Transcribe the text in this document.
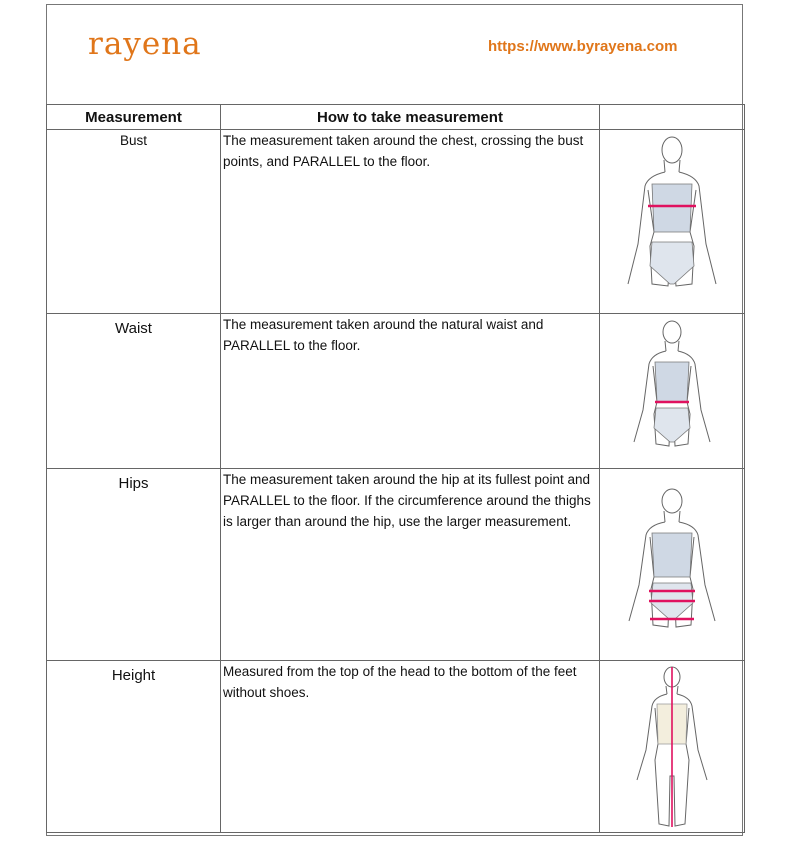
rayena	https://www.byrayena.com
Measurement	How to take measurement	
Bust	The measurement taken around the chest, crossing the bust points, and PARALLEL to the floor.	

Waist	The measurement taken around the natural waist and PARALLEL to the floor.	

Hips	The measurement taken around the hip at its fullest point and PARALLEL to the floor. If the circumference around the thighs is larger than around the hip, use the larger measurement.	

Height	Measured from the top of the head to the bottom of the feet without shoes.	
